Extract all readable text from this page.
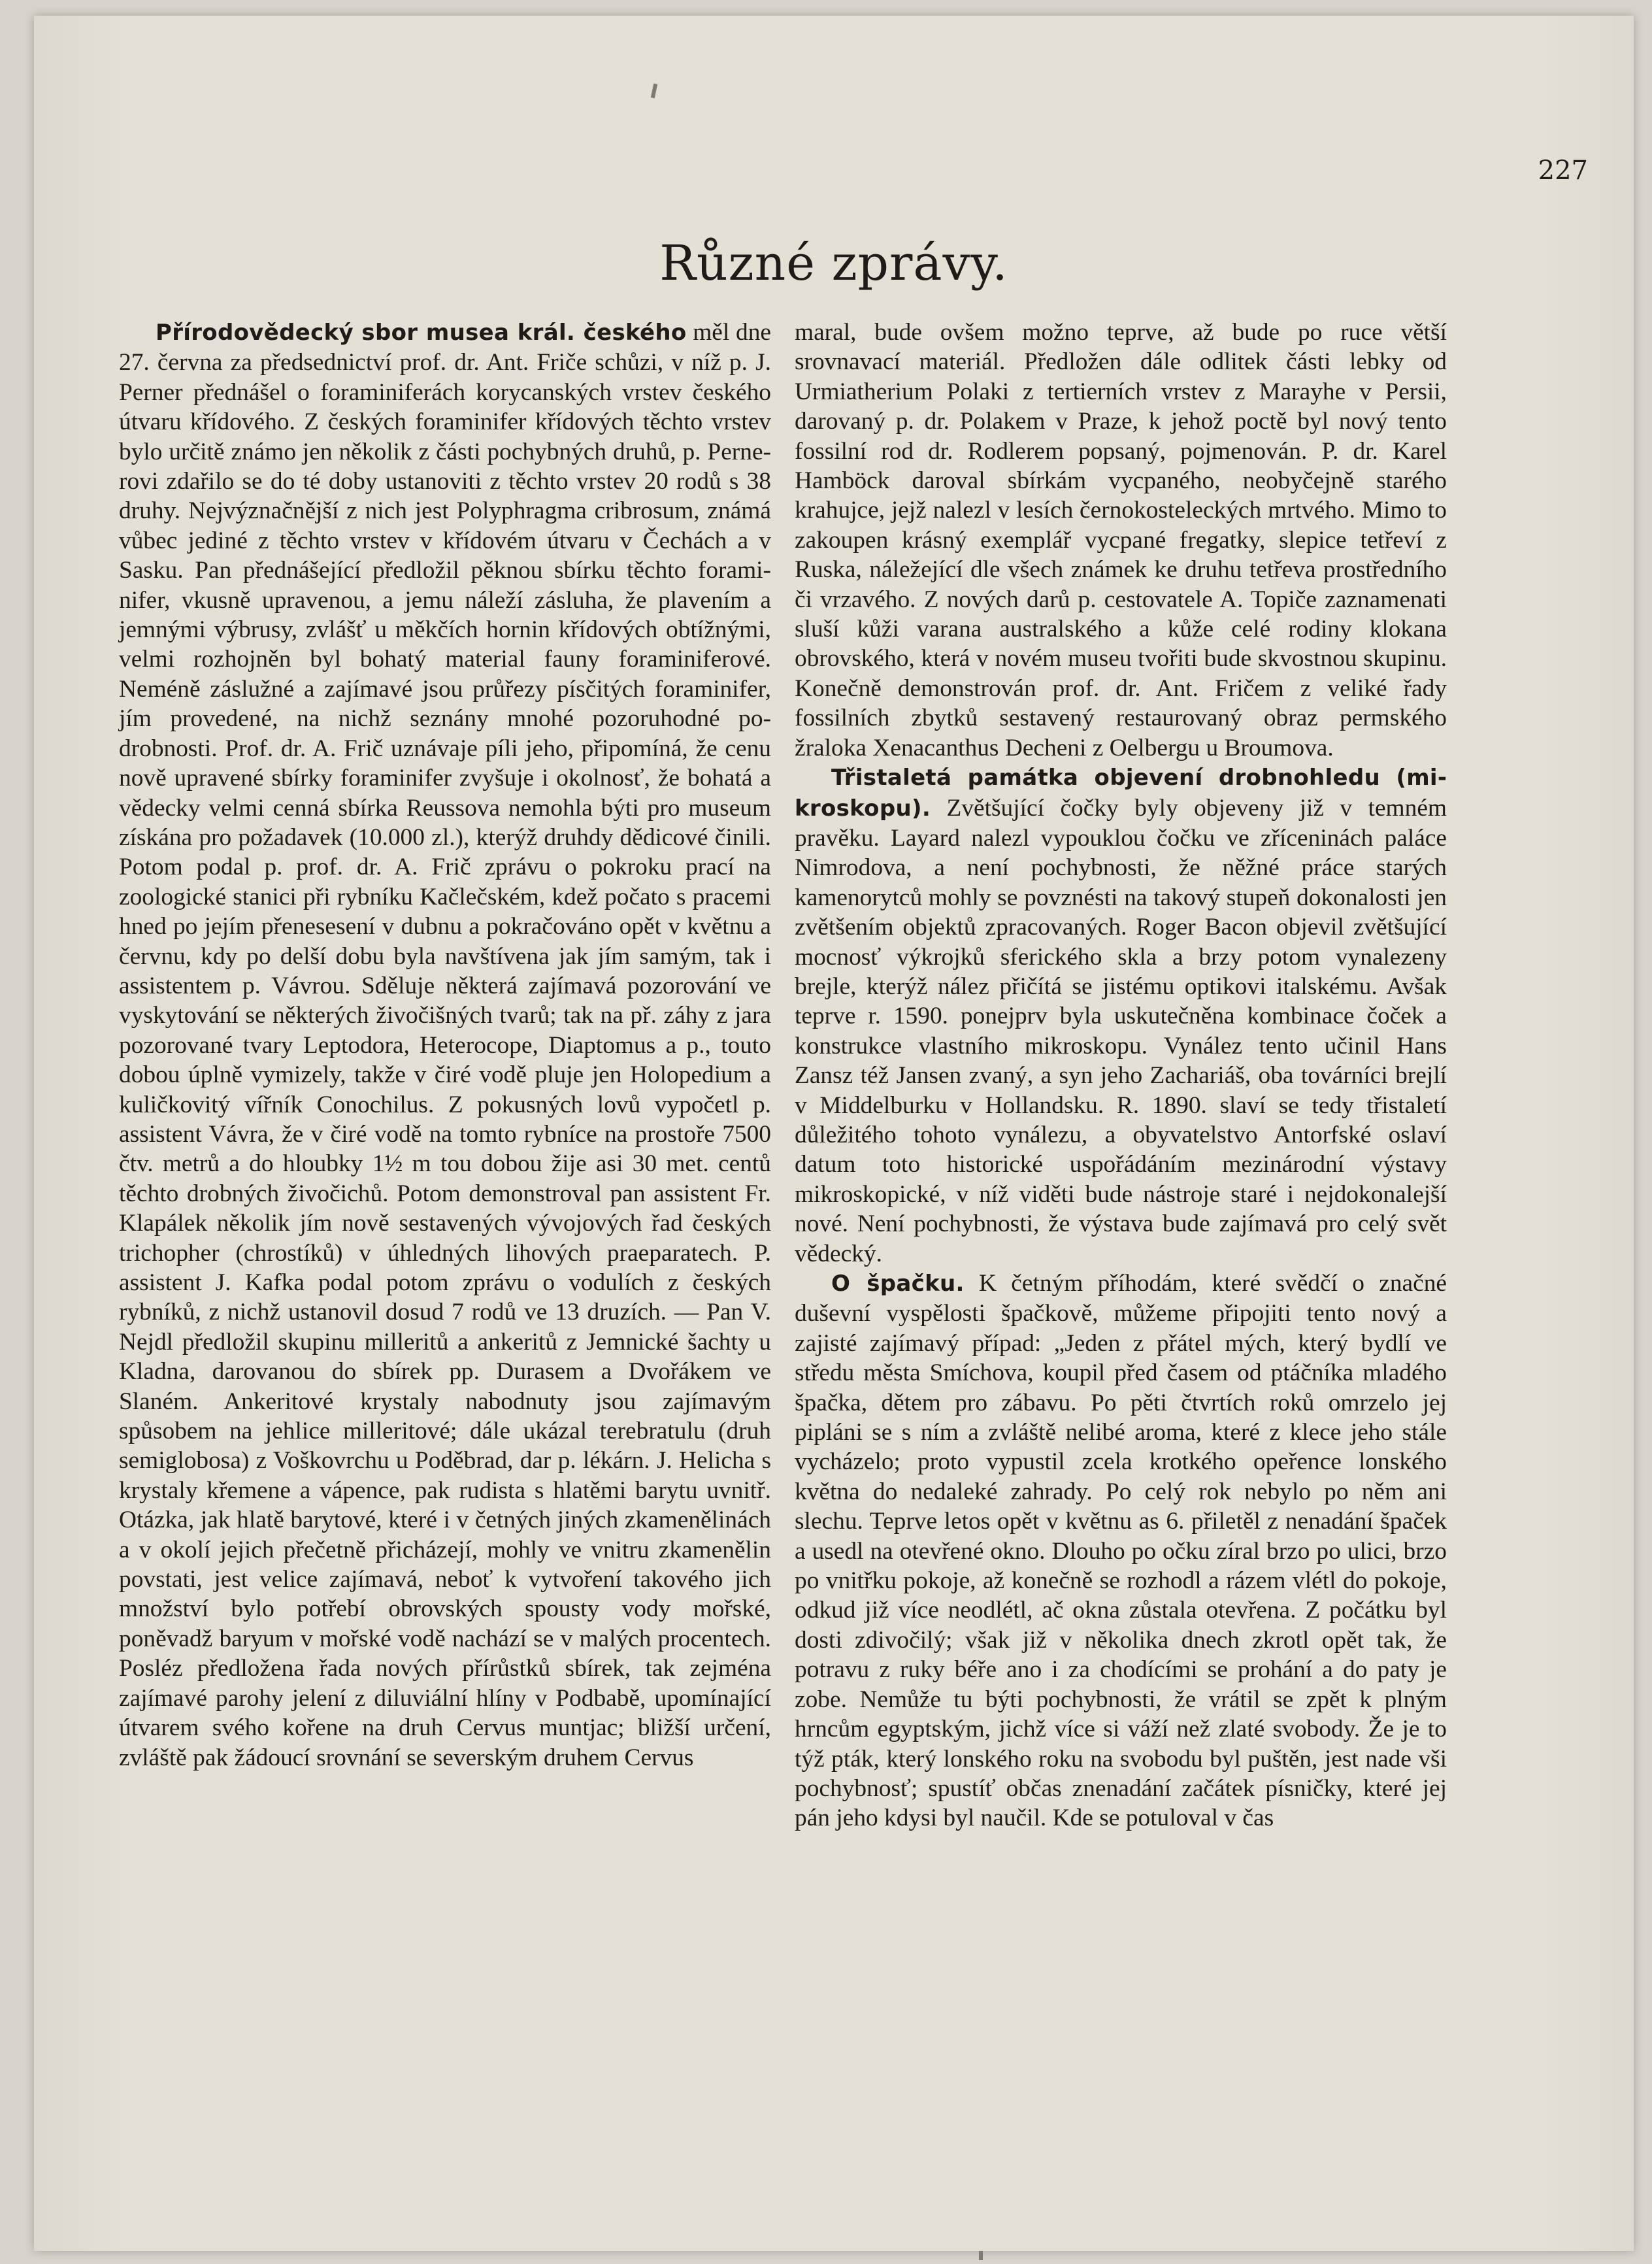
227
Různé zprávy.

Přírodovědecký sbor musea král. českého měl dne 27. června za předsednictví prof. dr. Ant. Friče schůzi, v níž p. J. Perner přednášel o foraminiferách korycanských vrstev českého útvaru křídového. Z českých foraminifer křídových těchto vrstev bylo určitě známo jen několik z části pochybných druhů, p. Pernerovi zdařilo se do té doby ustanoviti z těchto vrstev 20 rodů s 38 druhy. Nejvýznačnější z nich jest Polyphragma cribrosum, známá vůbec jediné z těchto vrstev v křídovém útvaru v Čechách a v Sasku. Pan přednášející předložil pěknou sbírku těchto foraminifer, vkusně upravenou, a jemu náleží zásluha, že plavením a jemnými výbrusy, zvlášť u měkčích hornin křídových obtížnými, velmi rozhojněn byl bohatý material fauny foraminiferové. Neméně záslužné a zajímavé jsou průřezy písčitých foraminifer, jím provedené, na nichž seznány mnohé pozoruhodné podrobnosti. Prof. dr. A. Frič uznávaje píli jeho, připomíná, že cenu nově upravené sbírky foraminifer zvyšuje i okolnosť, že bohatá a vědecky velmi cenná sbírka Reussova nemohla býti pro museum získána pro požadavek (10.000 zl.), kterýž druhdy dědicové činili. Potom podal p. prof. dr. A. Frič zprávu o pokroku prací na zoologické stanici při rybníku Kačlečském, kdež počato s pracemi hned po jejím přenesesení v dubnu a pokračováno opět v květnu a červnu, kdy po delší dobu byla navštívena jak jím samým, tak i assistentem p. Vávrou. Sděluje některá zajímavá pozorování ve vyskytování se některých živočišných tvarů; tak na př. záhy z jara pozorované tvary Leptodora, Heterocope, Diaptomus a p., touto dobou úplně vymizely, takže v čiré vodě pluje jen Holopedium a kuličkovitý vířník Conochilus. Z pokusných lovů vypočetl p. assistent Vávra, že v čiré vodě na tomto rybníce na prostoře 7500 čtv. metrů a do hloubky 1½ m tou dobou žije asi 30 met. centů těchto drobných živočichů. Potom demonstroval pan assistent Fr. Klapálek několik jím nově sestavených vývojových řad českých trichopher (chrostíků) v úhledných lihových praeparatech. P. assistent J. Kafka podal potom zprávu o vodulích z českých rybníků, z nichž ustanovil dosud 7 rodů ve 13 druzích. — Pan V. Nejdl předložil skupinu milleritů a ankeritů z Jemnické šachty u Kladna, darovanou do sbírek pp. Durasem a Dvořákem ve Slaném. Ankeritové krystaly nabodnuty jsou zajímavým spůsobem na jehlice milleritové; dále ukázal terebratulu (druh semiglobosa) z Voškovrchu u Poděbrad, dar p. lékárn. J. Helicha s krystaly křemene a vápence, pak rudista s hlatěmi barytu uvnitř. Otázka, jak hlatě barytové, které i v četných jiných zkamenělinách a v okolí jejich přečetně přicházejí, mohly ve vnitru zkamenělin povstati, jest velice zajímavá, neboť k vytvoření takového jich množství bylo potřebí obrovských spousty vody mořské, poněvadž baryum v mořské vodě nachází se v malých procentech. Posléz předložena řada nových přírůstků sbírek, tak zejména zajímavé parohy jelení z diluviální hlíny v Podbabě, upomínající útvarem svého kořene na druh Cervus muntjac; bližší určení, zvláště pak žádoucí srovnání se severským druhem Cervus

maral, bude ovšem možno teprve, až bude po ruce větší srovnavací materiál. Předložen dále odlitek části lebky od Urmiatherium Polaki z tertierních vrstev z Marayhe v Persii, darovaný p. dr. Polakem v Praze, k jehož poctě byl nový tento fossilní rod dr. Rodlerem popsaný, pojmenován. P. dr. Karel Hamböck daroval sbírkám vycpaného, neobyčejně starého krahujce, jejž nalezl v lesích černokosteleckých mrtvého. Mimo to zakoupen krásný exemplář vycpané fregatky, slepice tetřeví z Ruska, náležející dle všech známek ke druhu tetřeva prostředního či vrzavého. Z nových darů p. cestovatele A. Topiče zaznamenati sluší kůži varana australského a kůže celé rodiny klokana obrovského, která v novém museu tvořiti bude skvostnou skupinu. Konečně demonstrován prof. dr. Ant. Fričem z veliké řady fossilních zbytků sestavený restaurovaný obraz permského žraloka Xenacanthus Decheni z Oelbergu u Broumova.

Třistaletá památka objevení drobnohledu (mikroskopu). Zvětšující čočky byly objeveny již v temném pravěku. Layard nalezl vypouklou čočku ve zříceninách paláce Nimrodova, a není pochybnosti, že něžné práce starých kamenorytců mohly se povznésti na takový stupeň dokonalosti jen zvětšením objektů zpracovaných. Roger Bacon objevil zvětšující mocnosť výkrojků sferického skla a brzy potom vynalezeny brejle, kterýž nález přičítá se jistému optikovi italskému. Avšak teprve r. 1590. ponejprv byla uskutečněna kombinace čoček a konstrukce vlastního mikroskopu. Vynález tento učinil Hans Zansz též Jansen zvaný, a syn jeho Zachariáš, oba továrníci brejlí v Middelburku v Hollandsku. R. 1890. slaví se tedy třistaletí důležitého tohoto vynálezu, a obyvatelstvo Antorfské oslaví datum toto historické uspořádáním mezinárodní výstavy mikroskopické, v níž viděti bude nástroje staré i nejdokonalejší nové. Není pochybnosti, že výstava bude zajímavá pro celý svět vědecký.

O špačku. K četným příhodám, které svědčí o značné duševní vyspělosti špačkově, můžeme připojiti tento nový a zajisté zajímavý případ: „Jeden z přátel mých, který bydlí ve středu města Smíchova, koupil před časem od ptáčníka mladého špačka, dětem pro zábavu. Po pěti čtvrtích roků omrzelo jej pipláni se s ním a zvláště nelibé aroma, které z klece jeho stále vycházelo; proto vypustil zcela krotkého opeřence lonského května do nedaleké zahrady. Po celý rok nebylo po něm ani slechu. Teprve letos opět v květnu as 6. přiletěl z nenadání špaček a usedl na otevřené okno. Dlouho po očku zíral brzo po ulici, brzo po vnitřku pokoje, až konečně se rozhodl a rázem vlétl do pokoje, odkud již více neodlétl, ač okna zůstala otevřena. Z počátku byl dosti zdivočilý; však již v několika dnech zkrotl opět tak, že potravu z ruky béře ano i za chodícími se prohání a do paty je zobe. Nemůže tu býti pochybnosti, že vrátil se zpět k plným hrncům egyptským, jichž více si váží než zlaté svobody. Že je to týž pták, který lonského roku na svobodu byl puštěn, jest nade vši pochybnosť; spustíť občas znenadání začátek písničky, které jej pán jeho kdysi byl naučil. Kde se potuloval v čas
